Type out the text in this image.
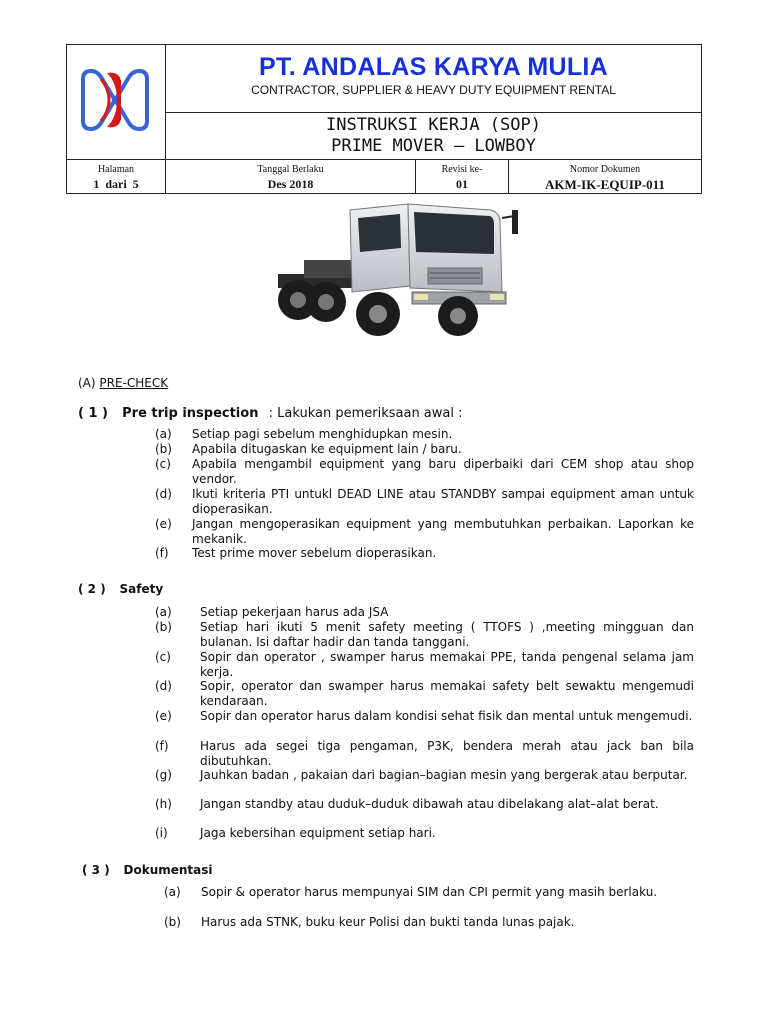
PT. ANDALAS KARYA MULIA
CONTRACTOR, SUPPLIER & HEAVY DUTY EQUIPMENT RENTAL
INSTRUKSI KERJA (SOP)
PRIME MOVER – LOWBOY
Halaman
1  dari  5
Tanggal Berlaku
Des 2018
Revisi ke-
01
Nomor Dokumen
AKM-IK-EQUIP-011
(A) PRE-CHECK
( 1 ) Pre trip inspection : Lakukan pemeriksaan awal :
(a) Setiap pagi sebelum menghidupkan mesin.
(b) Apabila ditugaskan ke equipment lain / baru.
(c) Apabila mengambil equipment yang baru diperbaiki dari CEM shop atau shop vendor.
(d) Ikuti kriteria PTI untukl DEAD LINE atau STANDBY sampai equipment aman untuk dioperasikan.
(e) Jangan mengoperasikan equipment yang membutuhkan perbaikan. Laporkan ke mekanik.
(f) Test prime mover sebelum dioperasikan.
( 2 ) Safety
(a) Setiap pekerjaan harus ada JSA
(b) Setiap hari ikuti 5 menit safety meeting ( TTOFS ) ,meeting mingguan dan bulanan. Isi daftar hadir dan tanda tanggani.
(c) Sopir dan operator , swamper harus memakai PPE, tanda pengenal selama jam kerja.
(d) Sopir, operator dan swamper harus memakai safety belt sewaktu mengemudi kendaraan.
(e) Sopir dan operator harus dalam kondisi sehat fisik dan mental untuk mengemudi.
(f)	Harus ada segei tiga pengaman, P3K, bendera merah atau jack ban bila dibutuhkan.
(g) Jauhkan badan , pakaian dari bagian–bagian mesin yang bergerak atau berputar.
(h) Jangan standby atau duduk–duduk dibawah atau dibelakang alat–alat berat.
(i)	Jaga kebersihan equipment setiap hari.
( 3 ) Dokumentasi
(a) Sopir & operator harus mempunyai SIM dan CPI permit yang masih berlaku.
(b) Harus ada STNK, buku keur Polisi dan bukti tanda lunas pajak.
